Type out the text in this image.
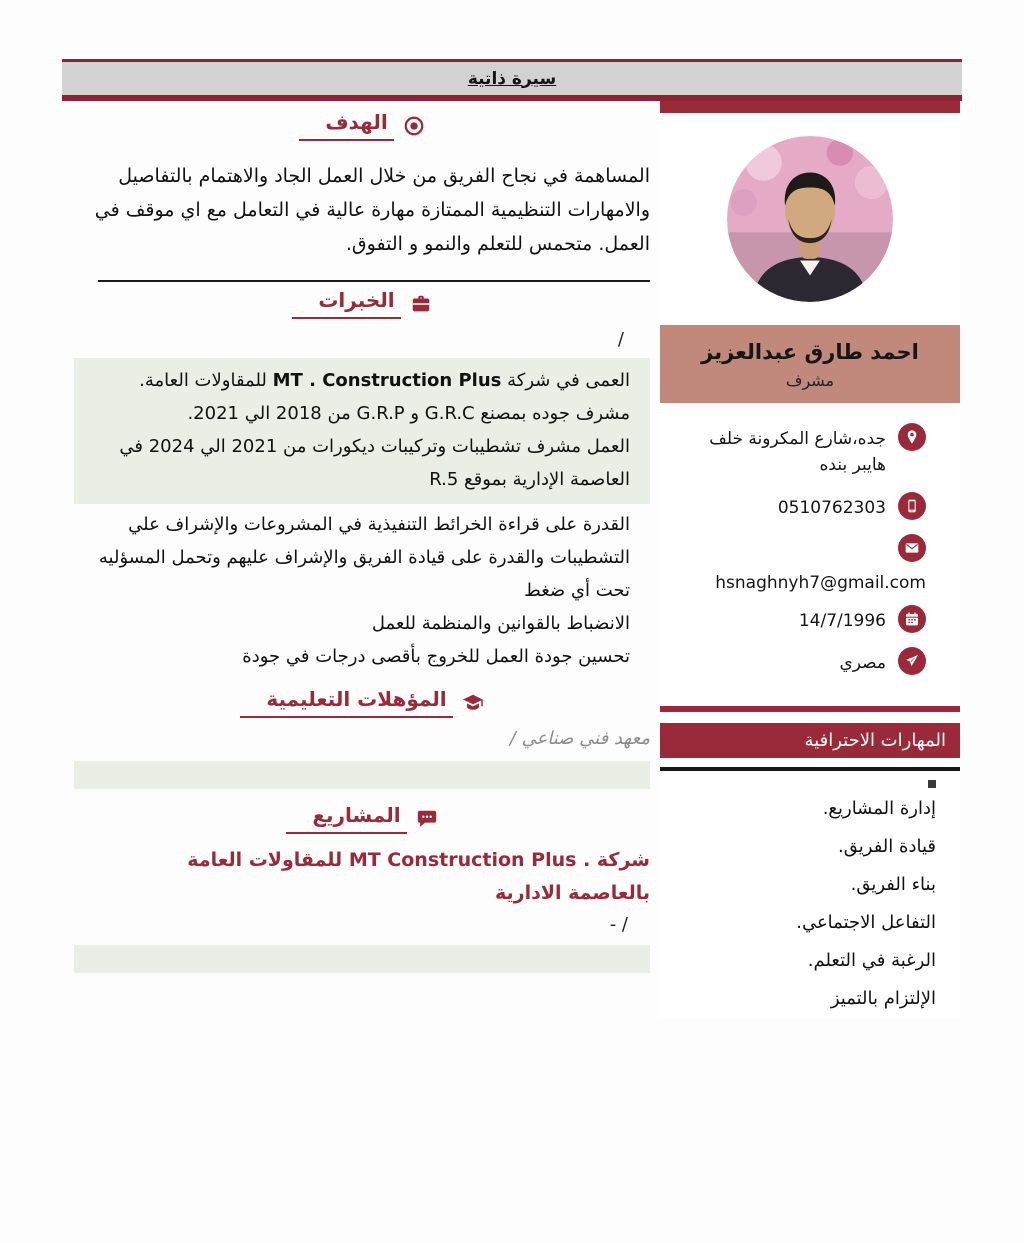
سيرة ذاتية
احمد طارق عبدالعزيز
مشرف
جده،شارع المكرونة خلف
هايبر بنده
0510762303
hsnaghnyh7@gmail.com
14/7/1996
مصري
المهارات الاحترافية
إدارة المشاريع.
قيادة الفريق.
بناء الفريق.
التفاعل الاجتماعي.
الرغبة في التعلم.
الإلتزام بالتميز
الهدف

المساهمة في نجاح الفريق من خلال العمل الجاد والاهتمام بالتفاصيل والامهارات التنظيمية الممتازة مهارة عالية في التعامل مع اي موقف في العمل. متحمس للتعلم والنمو و التفوق.

الخبرات
/
العمى في شركة MT . Construction Plus للمقاولات العامة.
مشرف جوده بمصنع G.R.C و G.R.P من 2018 الي 2021.
العمل مشرف تشطيبات وتركيبات ديكورات من 2021 الي 2024 في
العاصمة الإدارية بموقع R.5
القدرة على قراءة الخرائط التنفيذية في المشروعات والإشراف علي
التشطيبات والقدرة على قيادة الفريق والإشراف عليهم وتحمل المسؤليه
تحت أي ضغط
الانضباط بالقوانين والمنظمة للعمل
تحسين جودة العمل للخروج بأقصى درجات في جودة
المؤهلات التعليمية
معهد فني صناعي /
المشاريع
شركة . MT Construction Plus للمقاولات العامة
بالعاصمة الادارية
- /
